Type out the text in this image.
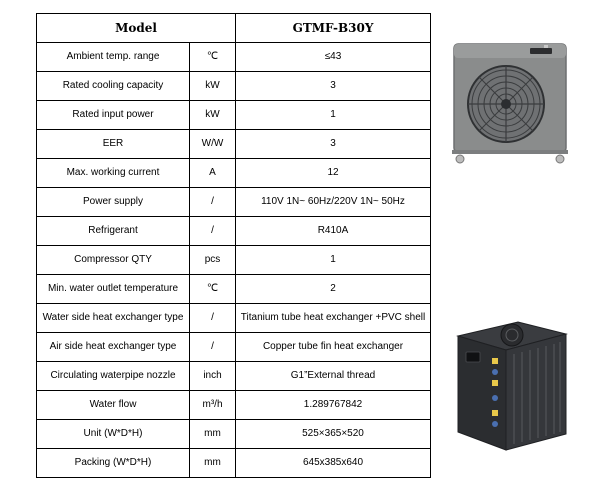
Model		GTMF-B30Y
Ambient temp. range	℃	≤43
Rated cooling capacity	kW	3
Rated input power	kW	1
EER	W/W	3
Max. working current	A	12
Power supply	/	110V 1N~ 60Hz/220V 1N~ 50Hz
Refrigerant	/	R410A
Compressor QTY	pcs	1
Min. water outlet temperature	℃	2
Water side heat exchanger type	/	Titanium tube heat exchanger +PVC shell
Air side heat exchanger type	/	Copper tube fin heat exchanger
Circulating waterpipe nozzle	inch	G1”External thread
Water flow	m³/h	1.289767842
Unit (W*D*H)	mm	525×365×520
Packing (W*D*H)	mm	645x385x640
